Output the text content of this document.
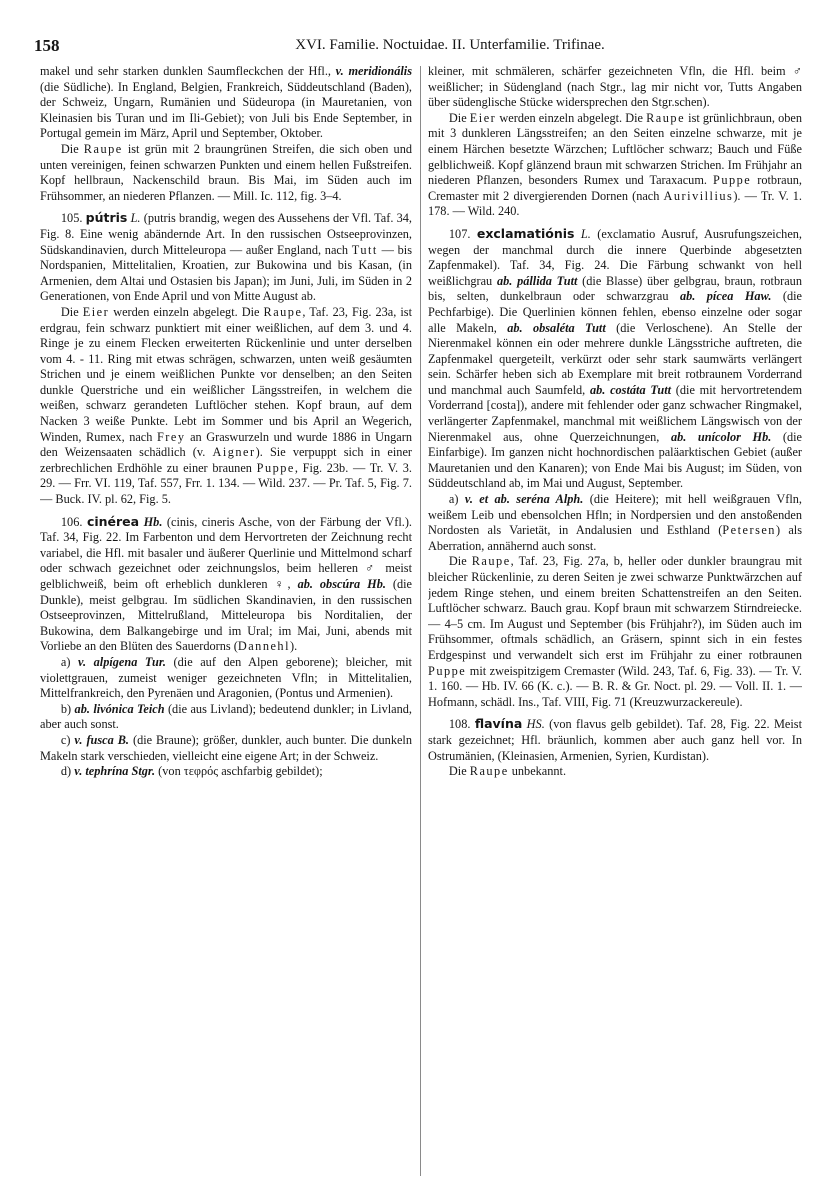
158	XVI. Familie. Noctuidae. II. Unterfamilie. Trifinae.

makel und sehr starken dunklen Saumfleckchen der Hfl., v. meridionális (die Südliche). In England, Belgien, Frankreich, Süddeutschland (Baden), der Schweiz, Ungarn, Rumänien und Südeuropa (in Mauretanien, von Kleinasien bis Turan und im Ili-Gebiet); von Juli bis Ende September, in Portugal gemein im März, April und September, Oktober.

Die Raupe ist grün mit 2 braungrünen Streifen, die sich oben und unten vereinigen, feinen schwarzen Punkten und einem hellen Fußstreifen. Kopf hellbraun, Nackenschild braun. Bis Mai, im Süden auch im Frühsommer, an niederen Pflanzen. — Mill. Ic. 112, fig. 3–4.

105. pútris L. (putris brandig, wegen des Aussehens der Vfl. Taf. 34, Fig. 8. Eine wenig abändernde Art. In den russischen Ostseeprovinzen, Südskandinavien, durch Mitteleuropa — außer England, nach Tutt — bis Nordspanien, Mittelitalien, Kroatien, zur Bukowina und bis Kasan, (in Armenien, dem Altai und Ostasien bis Japan); im Juni, Juli, im Süden in 2 Generationen, von Ende April und von Mitte August ab.

Die Eier werden einzeln abgelegt. Die Raupe, Taf. 23, Fig. 23a, ist erdgrau, fein schwarz punktiert mit einer weißlichen, auf dem 3. und 4. Ringe je zu einem Flecken erweiterten Rückenlinie und unter derselben vom 4. - 11. Ring mit etwas schrägen, schwarzen, unten weiß gesäumten Strichen und je einem weißlichen Punkte vor denselben; an den Seiten dunkle Querstriche und ein weißlicher Längsstreifen, in welchem die weißen, schwarz gerandeten Luftlöcher stehen. Kopf braun, auf dem Nacken 3 weiße Punkte. Lebt im Sommer und bis April an Wegerich, Winden, Rumex, nach Frey an Graswurzeln und wurde 1886 in Ungarn den Weizensaaten schädlich (v. Aigner). Sie verpuppt sich in einer zerbrechlichen Erdhöhle zu einer braunen Puppe, Fig. 23b. — Tr. V. 3. 29. — Frr. VI. 119, Taf. 557, Frr. 1. 134. — Wild. 237. — Pr. Taf. 5, Fig. 7. — Buck. IV. pl. 62, Fig. 5.

106. cinérea Hb. (cinis, cineris Asche, von der Färbung der Vfl.). Taf. 34, Fig. 22. Im Farbenton und dem Hervortreten der Zeichnung recht variabel, die Hfl. mit basaler und äußerer Querlinie und Mittelmond scharf oder schwach gezeichnet oder zeichnungslos, beim helleren ♂ meist gelblichweiß, beim oft erheblich dunkleren ♀, ab. obscúra Hb. (die Dunkle), meist gelbgrau. Im südlichen Skandinavien, in den russischen Ostseeprovinzen, Mittelrußland, Mitteleuropa bis Norditalien, der Bukowina, dem Balkangebirge und im Ural; im Mai, Juni, abends mit Vorliebe an den Blüten des Sauerdorns (Dannehl).

a) v. alpígena Tur. (die auf den Alpen geborene); bleicher, mit violettgrauen, zumeist weniger gezeichneten Vfln; in Mittelitalien, Mittelfrankreich, den Pyrenäen und Aragonien, (Pontus und Armenien).

b) ab. livónica Teich (die aus Livland); bedeutend dunkler; in Livland, aber auch sonst.

c) v. fusca B. (die Braune); größer, dunkler, auch bunter. Die dunkeln Makeln stark verschieden, vielleicht eine eigene Art; in der Schweiz.

d) v. tephrína Stgr. (von τεφρός aschfarbig gebildet);

kleiner, mit schmäleren, schärfer gezeichneten Vfln, die Hfl. beim ♂ weißlicher; in Südengland (nach Stgr., lag mir nicht vor, Tutts Angaben über südenglische Stücke widersprechen den Stgr.schen).

Die Eier werden einzeln abgelegt. Die Raupe ist grünlichbraun, oben mit 3 dunkleren Längsstreifen; an den Seiten einzelne schwarze, mit je einem Härchen besetzte Wärzchen; Luftlöcher schwarz; Bauch und Füße gelblichweiß. Kopf glänzend braun mit schwarzen Strichen. Im Frühjahr an niederen Pflanzen, besonders Rumex und Taraxacum. Puppe rotbraun, Cremaster mit 2 divergierenden Dornen (nach Aurivillius). — Tr. V. 1. 178. — Wild. 240.

107. exclamatiónis L. (exclamatio Ausruf, Ausrufungszeichen, wegen der manchmal durch die innere Querbinde abgesetzten Zapfenmakel). Taf. 34, Fig. 24. Die Färbung schwankt von hell weißlichgrau ab. pállida Tutt (die Blasse) über gelbgrau, braun, rotbraun bis, selten, dunkelbraun oder schwarzgrau ab. pícea Haw. (die Pechfarbige). Die Querlinien können fehlen, ebenso einzelne oder sogar alle Makeln, ab. obsaléta Tutt (die Verloschene). An Stelle der Nierenmakel können ein oder mehrere dunkle Längsstriche auftreten, die Zapfenmakel quergeteilt, verkürzt oder sehr stark saumwärts verlängert sein. Schärfer heben sich ab Exemplare mit breit rotbraunem Vorderrand und manchmal auch Saumfeld, ab. costáta Tutt (die mit hervortretendem Vorderrand [costa]), andere mit fehlender oder ganz schwacher Ringmakel, verlängerter Zapfenmakel, manchmal mit weißlichem Längswisch von der Nierenmakel aus, ohne Querzeichnungen, ab. unícolor Hb. (die Einfarbige). Im ganzen nicht hochnordischen paläarktischen Gebiet (außer Mauretanien und den Kanaren); von Ende Mai bis August; im Süden, von Süddeutschland ab, im Mai und August, September.

a) v. et ab. seréna Alph. (die Heitere); mit hell weißgrauen Vfln, weißem Leib und ebensolchen Hfln; in Nordpersien und den anstoßenden Nordosten als Varietät, in Andalusien und Esthland (Petersen) als Aberration, annähernd auch sonst.

Die Raupe, Taf. 23, Fig. 27a, b, heller oder dunkler braungrau mit bleicher Rückenlinie, zu deren Seiten je zwei schwarze Punktwärzchen auf jedem Ringe stehen, und einem breiten Schattenstreifen an den Seiten. Luftlöcher schwarz. Bauch grau. Kopf braun mit schwarzem Stirndreiecke. — 4–5 cm. Im August und September (bis Frühjahr?), im Süden auch im Frühsommer, oftmals schädlich, an Gräsern, spinnt sich in ein festes Erdgespinst und verwandelt sich erst im Frühjahr zu einer rotbraunen Puppe mit zweispitzigem Cremaster (Wild. 243, Taf. 6, Fig. 33). — Tr. V. 1. 160. — Hb. IV. 66 (K. c.). — B. R. & Gr. Noct. pl. 29. — Voll. II. 1. — Hofmann, schädl. Ins., Taf. VIII, Fig. 71 (Kreuzwurzackereule).

108. flavína HS. (von flavus gelb gebildet). Taf. 28, Fig. 22. Meist stark gezeichnet; Hfl. bräunlich, kommen aber auch ganz hell vor. In Ostrumänien, (Kleinasien, Armenien, Syrien, Kurdistan).

Die Raupe unbekannt.
